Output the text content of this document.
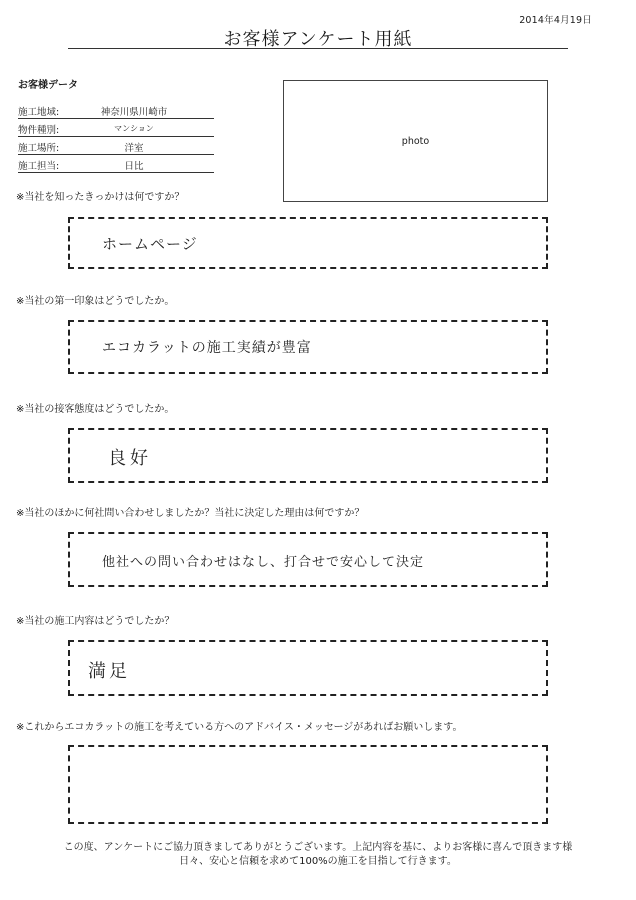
2014年4月19日
お客様アンケート用紙
お客様データ
施工地域:	神奈川県川崎市
物件種別:	マンション
施工場所:	洋室
施工担当:	日比
photo
※当社を知ったきっかけは何ですか？
ホームページ
※当社の第一印象はどうでしたか。
エコカラットの施工実績が豊富
※当社の接客態度はどうでしたか。
良好
※当社のほかに何社問い合わせしましたか？当社に決定した理由は何ですか？
他社への問い合わせはなし、打合せで安心して決定
※当社の施工内容はどうでしたか？
満足
※これからエコカラットの施工を考えている方へのアドバイス・メッセージがあればお願いします。
この度、アンケートにご協力頂きましてありがとうございます。上記内容を基に、よりお客様に喜んで頂きます様
日々、安心と信頼を求めて100%の施工を目指して行きます。
